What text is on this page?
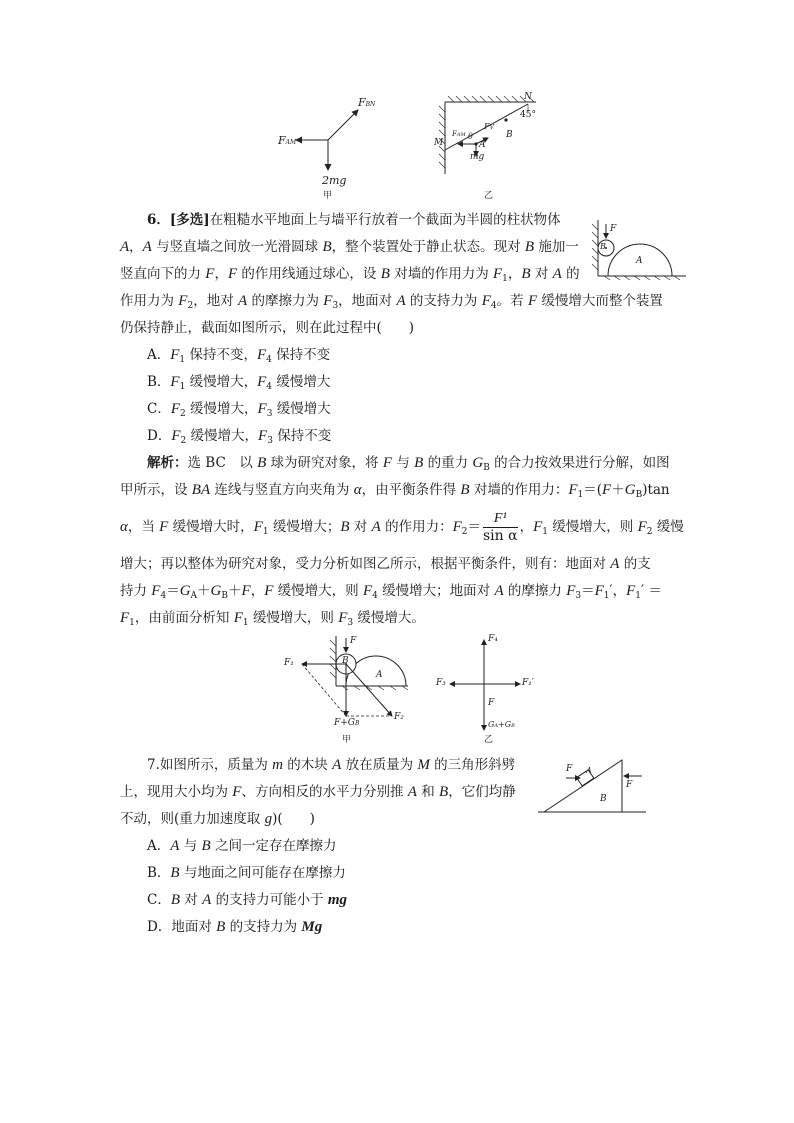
FBN
FAM
2mg
甲
N
45°
FV
B
M
FAM θ
A
mg
乙
6．[多选]在粗糙水平地面上与墙平行放着一个截面为半圆的柱状物体
A，A 与竖直墙之间放一光滑圆球 B，整个装置处于静止状态。现对 B 施加一
竖直向下的力 F，F 的作用线通过球心，设 B 对墙的作用力为 $F_1$，B 对 A 的
作用力为 $F_2$，地对 A 的摩擦力为 $F_3$，地面对 A 的支持力为 $F_4$。若 F 缓慢增大而整个装置
仍保持静止，截面如图所示，则在此过程中(　　)
F
B
A
A．$F_1$ 保持不变，$F_4$ 保持不变
B．$F_1$ 缓慢增大，$F_4$ 缓慢增大
C．$F_2$ 缓慢增大，$F_3$ 缓慢增大
D．$F_2$ 缓慢增大，$F_3$ 保持不变
解析：选 BC　以 B 球为研究对象，将 F 与 B 的重力 $G_B$ 的合力按效果进行分解，如图
甲所示，设 BA 连线与竖直方向夹角为 α，由平衡条件得 B 对墙的作用力：$F_1=(F+G_B)\tan$
α，当 F 缓慢增大时，$F_1$ 缓慢增大；B 对 A 的作用力：$F_2= \frac{\text{F¹}}{\text{sin α}}$ ，$F_1$ 缓慢增大，则 $F_2$ 缓慢
增大；再以整体为研究对象，受力分析如图乙所示，根据平衡条件，则有：地面对 A 的支
持力 $F_4=G_A+G_B+F$，F 缓慢增大，则 $F_4$ 缓慢增大；地面对 A 的摩擦力 $F_3=F_1'$，$F_1'$ ＝
$F_1$，由前面分析知 $F_1$ 缓慢增大，则 $F_3$ 缓慢增大。
F
B
A
F₁
F₂
F+GB
甲
F₄
F₃	F₁′
F
GA+GB
乙
7.如图所示，质量为 m 的木块 A 放在质量为 M 的三角形斜劈
上，现用大小均为 F、方向相反的水平力分别推 A 和 B，它们均静
不动，则(重力加速度取 g)(　　)
F A
F
B
A．A 与 B 之间一定存在摩擦力
B．B 与地面之间可能存在摩擦力
C．B 对 A 的支持力可能小于 mg
D．地面对 B 的支持力为 Mg
